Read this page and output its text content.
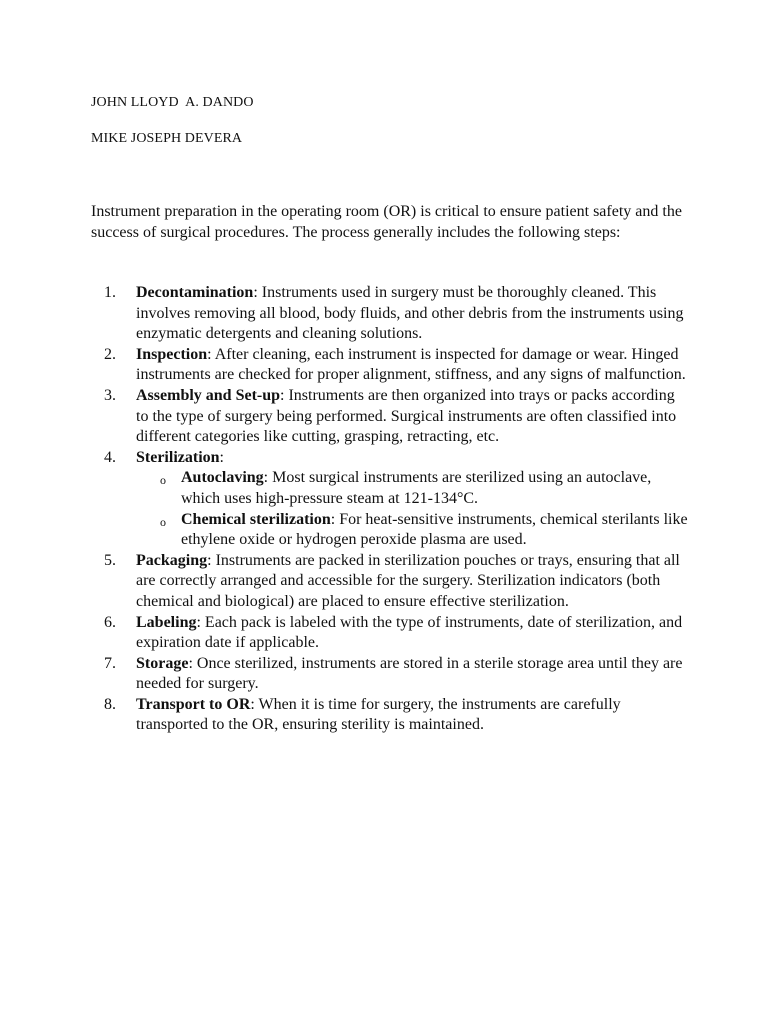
JOHN LLOYD  A. DANDO
MIKE JOSEPH DEVERA

Instrument preparation in the operating room (OR) is critical to ensure patient safety and the success of surgical procedures. The process generally includes the following steps:

1.	Decontamination: Instruments used in surgery must be thoroughly cleaned. This involves removing all blood, body fluids, and other debris from the instruments using enzymatic detergents and cleaning solutions.
2.	Inspection: After cleaning, each instrument is inspected for damage or wear. Hinged instruments are checked for proper alignment, stiffness, and any signs of malfunction.
3.	Assembly and Set-up: Instruments are then organized into trays or packs according to the type of surgery being performed. Surgical instruments are often classified into different categories like cutting, grasping, retracting, etc.
4.	Sterilization:
o Autoclaving: Most surgical instruments are sterilized using an autoclave, which uses high-pressure steam at 121-134°C.
o Chemical sterilization: For heat-sensitive instruments, chemical sterilants like ethylene oxide or hydrogen peroxide plasma are used.
5.	Packaging: Instruments are packed in sterilization pouches or trays, ensuring that all are correctly arranged and accessible for the surgery. Sterilization indicators (both chemical and biological) are placed to ensure effective sterilization.
6.	Labeling: Each pack is labeled with the type of instruments, date of sterilization, and expiration date if applicable.
7.	Storage: Once sterilized, instruments are stored in a sterile storage area until they are needed for surgery.
8.	Transport to OR: When it is time for surgery, the instruments are carefully transported to the OR, ensuring sterility is maintained.
